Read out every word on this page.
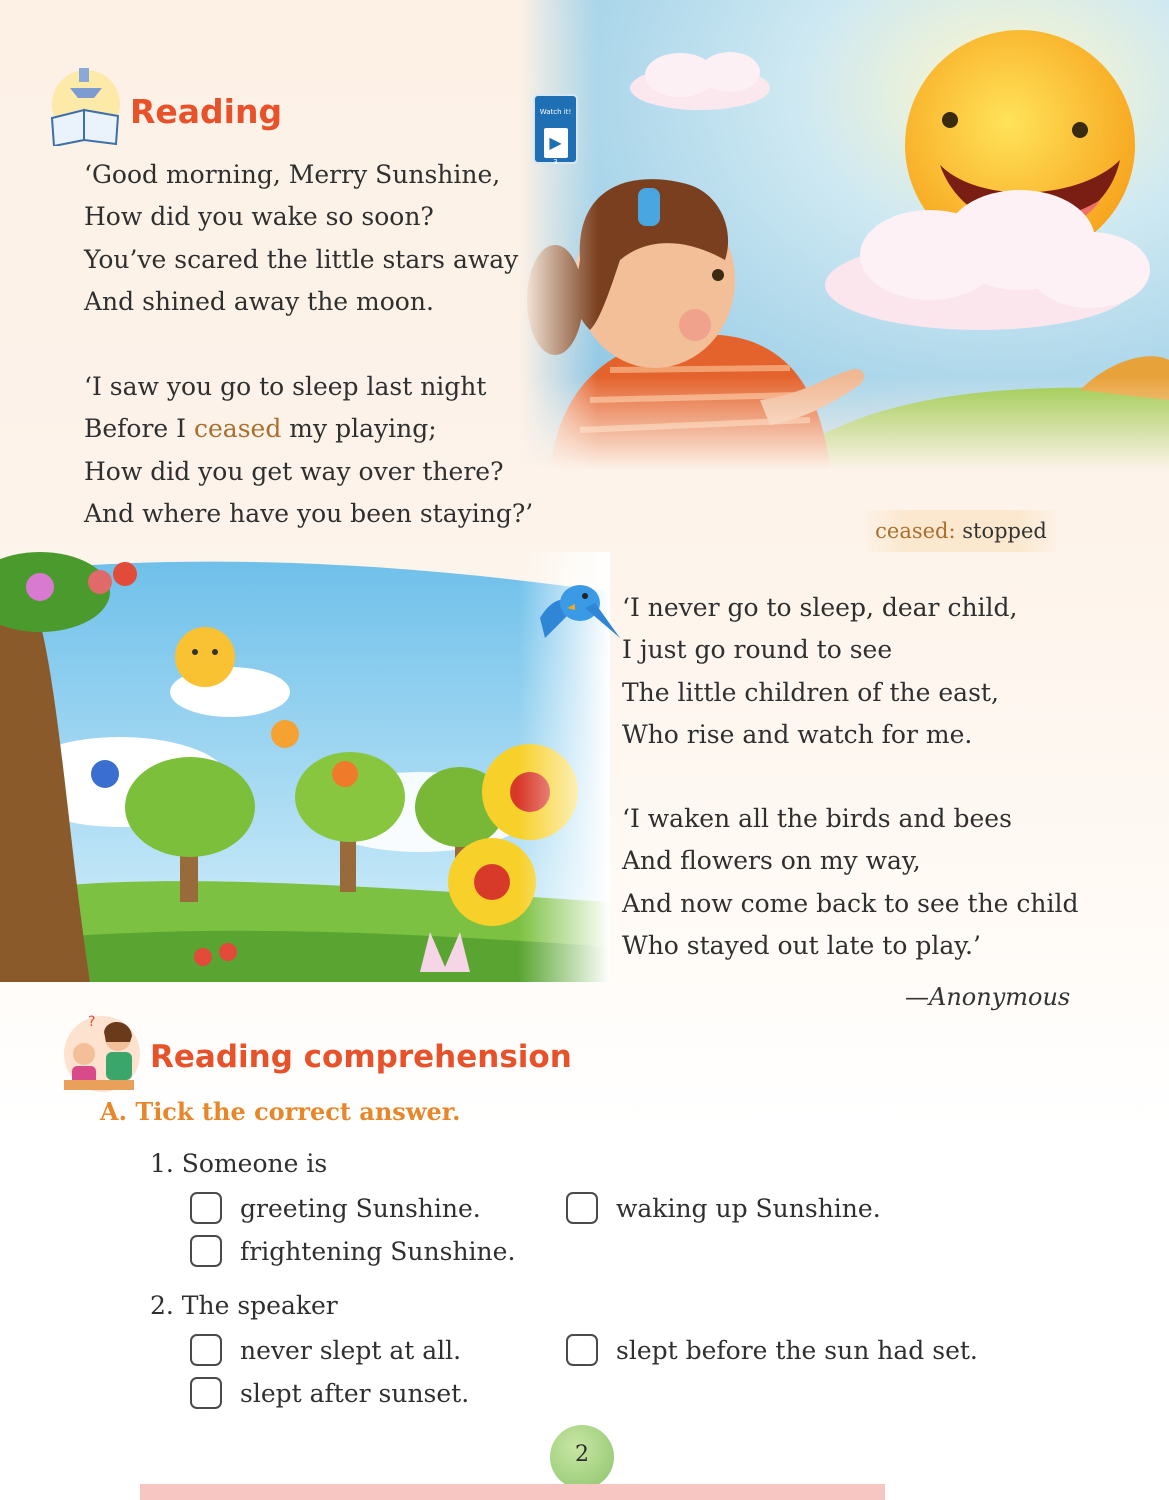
Watch it!
▶
3
Reading
‘Good morning, Merry Sunshine,
How did you wake so soon?
You’ve scared the little stars away
And shined away the moon.
‘I saw you go to sleep last night
Before I ceased my playing;
How did you get way over there?
And where have you been staying?’
ceased: stopped
‘I never go to sleep, dear child,
I just go round to see
The little children of the east,
Who rise and watch for me.
‘I waken all the birds and bees
And flowers on my way,
And now come back to see the child
Who stayed out late to play.’
—Anonymous
?
Reading comprehension
A. Tick the correct answer.
1. Someone is
greeting Sunshine.	waking up Sunshine.
frightening Sunshine.
2. The speaker
never slept at all.	slept before the sun had set.
slept after sunset.
2
